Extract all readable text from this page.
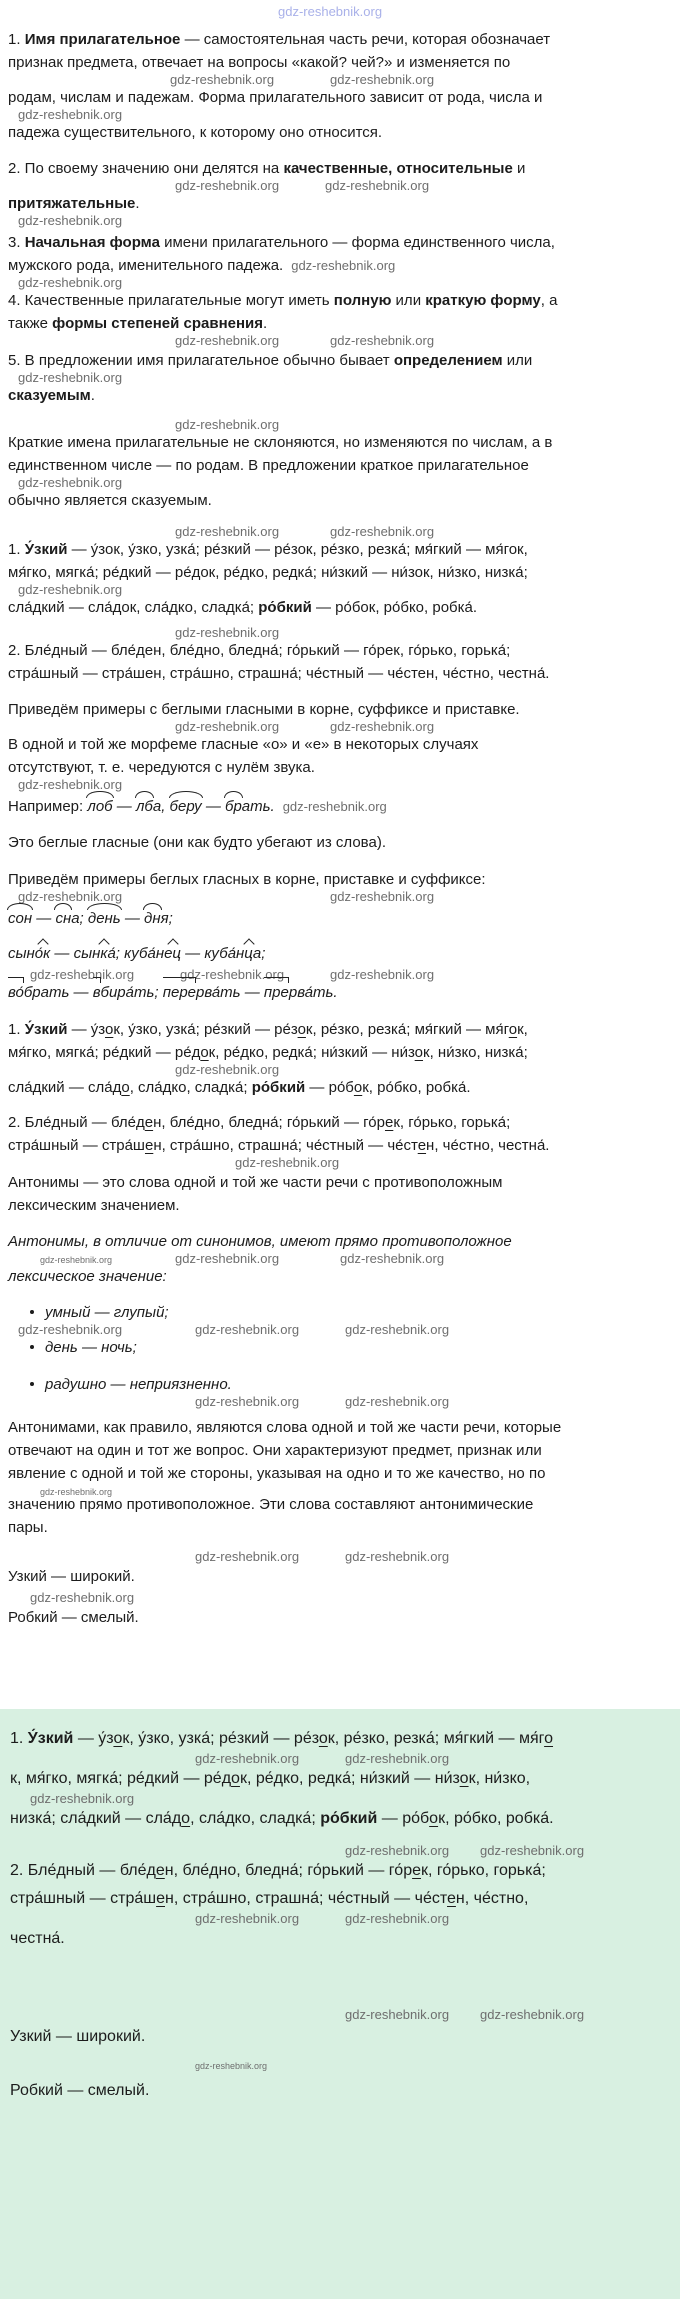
gdz-reshebnik.org
1. Имя прилагательное — самостоятельная часть речи, которая обозначает
признак предмета, отвечает на вопросы «какой? чей?» и изменяется по
gdz-reshebnik.org	gdz-reshebnik.org
родам, числам и падежам. Форма прилагательного зависит от рода, числа и
gdz-reshebnik.org
падежа существительного, к которому оно относится.
2. По своему значению они делятся на качественные, относительные и
gdz-reshebnik.org	gdz-reshebnik.org
притяжательные.
gdz-reshebnik.org
3. Начальная форма имени прилагательного — форма единственного числа,
мужского рода, именительного падежа. gdz-reshebnik.org
gdz-reshebnik.org
4. Качественные прилагательные могут иметь полную или краткую форму, а
также формы степеней сравнения.
gdz-reshebnik.org	gdz-reshebnik.org
5. В предложении имя прилагательное обычно бывает определением или
gdz-reshebnik.org
сказуемым.
gdz-reshebnik.org
Краткие имена прилагательные не склоняются, но изменяются по числам, а в
единственном числе — по родам. В предложении краткое прилагательное
gdz-reshebnik.org
обычно является сказуемым.
gdz-reshebnik.org	gdz-reshebnik.org
1. У́зкий — у́зок, у́зко, узка́; ре́зкий — ре́зок, ре́зко, резка́; мя́гкий — мя́гок,
мя́гко, мягка́; ре́дкий — ре́док, ре́дко, редка́; ни́зкий — ни́зок, ни́зко, низка́;
gdz-reshebnik.org
сла́дкий — сла́док, сла́дко, сладка́; ро́бкий — ро́бок, ро́бко, робка́.
gdz-reshebnik.org
2. Бле́дный — бле́ден, бле́дно, бледна́; го́рький — го́рек, го́рько, горька́;
стра́шный — стра́шен, стра́шно, страшна́; че́стный — че́стен, че́стно, честна́.
Приведём примеры с беглыми гласными в корне, суффиксе и приставке.
gdz-reshebnik.org	gdz-reshebnik.org
В одной и той же морфеме гласные «о» и «е» в некоторых случаях
отсутствуют, т. е. чередуются с нулём звука.
gdz-reshebnik.org
Например: лоб — лба, беру — брать. gdz-reshebnik.org
Это беглые гласные (они как будто убегают из слова).
Приведём примеры беглых гласных в корне, приставке и суффиксе:
gdz-reshebnik.org	gdz-reshebnik.org
сон — сна; день — дня;
сыно́к — сынка́; куба́нец — куба́нца;
gdz-reshebnik.org	gdz-reshebnik.org	gdz-reshebnik.org
во́брать — вбира́ть; перерва́ть — прерва́ть.
1. У́зкий — у́зок, у́зко, узка́; ре́зкий — ре́зок, ре́зко, резка́; мя́гкий — мя́гок,
мя́гко, мягка́; ре́дкий — ре́док, ре́дко, редка́; ни́зкий — ни́зок, ни́зко, низка́;
gdz-reshebnik.org
сла́дкий — сла́до, сла́дко, сладка́; ро́бкий — ро́бок, ро́бко, робка́.
2. Бле́дный — бле́ден, бле́дно, бледна́; го́рький — го́рек, го́рько, горька́;
стра́шный — стра́шен, стра́шно, страшна́; че́стный — че́стен, че́стно, честна́.
gdz-reshebnik.org
Антонимы — это слова одной и той же части речи с противоположным
лексическим значением.
Антонимы, в отличие от синонимов, имеют прямо противоположное
gdz-reshebnik.org	gdz-reshebnik.org	gdz-reshebnik.org
лексическое значение:
умный — глупый;
gdz-reshebnik.org	gdz-reshebnik.org	gdz-reshebnik.org
день — ночь;
радушно — неприязненно.
gdz-reshebnik.org	gdz-reshebnik.org
Антонимами, как правило, являются слова одной и той же части речи, которые
отвечают на один и тот же вопрос. Они характеризуют предмет, признак или
явление с одной и той же стороны, указывая на одно и то же качество, но по
gdz-reshebnik.org
значению прямо противоположное. Эти слова составляют антонимические
пары.
gdz-reshebnik.org	gdz-reshebnik.org
Узкий — широкий.
gdz-reshebnik.org
Робкий — смелый.
1. У́зкий — у́зок, у́зко, узка́; ре́зкий — ре́зок, ре́зко, резка́; мя́гкий — мя́го
gdz-reshebnik.org	gdz-reshebnik.org
к, мя́гко, мягка́; ре́дкий — ре́док, ре́дко, редка́; ни́зкий — ни́зок, ни́зко,
gdz-reshebnik.org
низка́; сла́дкий — сла́до, сла́дко, сладка́; ро́бкий — ро́бок, ро́бко, робка́.
gdz-reshebnik.org gdz-reshebnik.org
2. Бле́дный — бле́ден, бле́дно, бледна́; го́рький — го́рек, го́рько, горька́;
стра́шный — стра́шен, стра́шно, страшна́; че́стный — че́стен, че́стно,
gdz-reshebnik.org	gdz-reshebnik.org
честна́.
gdz-reshebnik.org gdz-reshebnik.org
Узкий — широкий.
gdz-reshebnik.org
Робкий — смелый.
